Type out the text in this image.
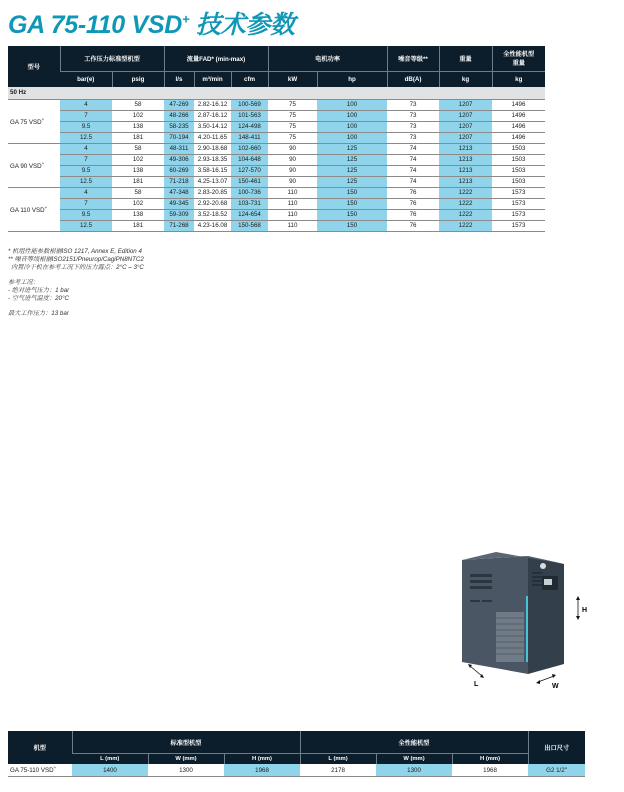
GA 75-110 VSD+ 技术参数
型号	工作压力标准型机型		流量FAD* (min-max)			电机功率		噪音等级**	重量	全性能机型重量
	bar(e)	psig	l/s	m³/min	cfm	kW	hp	dB(A)	kg	kg
50 Hz										
GA 75 VSD+	4	58	47-269	2.82-16.12	100-569	75	100	73	1207	1496
	7	102	48-266	2.87-16.12	101-563	75	100	73	1207	1496
	9.5	138	58-235	3.50-14.12	124-498	75	100	73	1207	1496
	12.5	181	70-194	4.20-11.65	148-411	75	100	73	1207	1496
GA 90 VSD+	4	58	48-311	2.90-18.68	102-660	90	125	74	1213	1503
	7	102	49-306	2.93-18.35	104-648	90	125	74	1213	1503
	9.5	138	60-269	3.58-16.15	127-570	90	125	74	1213	1503
	12.5	181	71-218	4.25-13.07	150-461	90	125	74	1213	1503
GA 110 VSD+	4	58	47-348	2.83-20.85	100-736	110	150	76	1222	1573
	7	102	49-345	2.92-20.68	103-731	110	150	76	1222	1573
	9.5	138	59-309	3.52-18.52	124-654	110	150	76	1222	1573
	12.5	181	71-268	4.23-16.08	150-568	110	150	76	1222	1573

* 机组性能参数根据ISO 1217, Annex E, Edition 4

** 噪音等级根据ISO2151/Pneurop/CagiPN8NTC2

内置冷干机在参考工况下的压力露点：2°C – 3°C

参考工况：

- 绝对进气压力：1 bar

- 空气进气温度：20°C

最大工作压力：13 bar

H
L	W
机型	标准型机型			全性能机型			出口尺寸
	L (mm)	W (mm)	H (mm)	L (mm)	W (mm)	H (mm)	
GA 75-110 VSD+	1400	1300	1968	2178	1300	1968	G2 1/2"
